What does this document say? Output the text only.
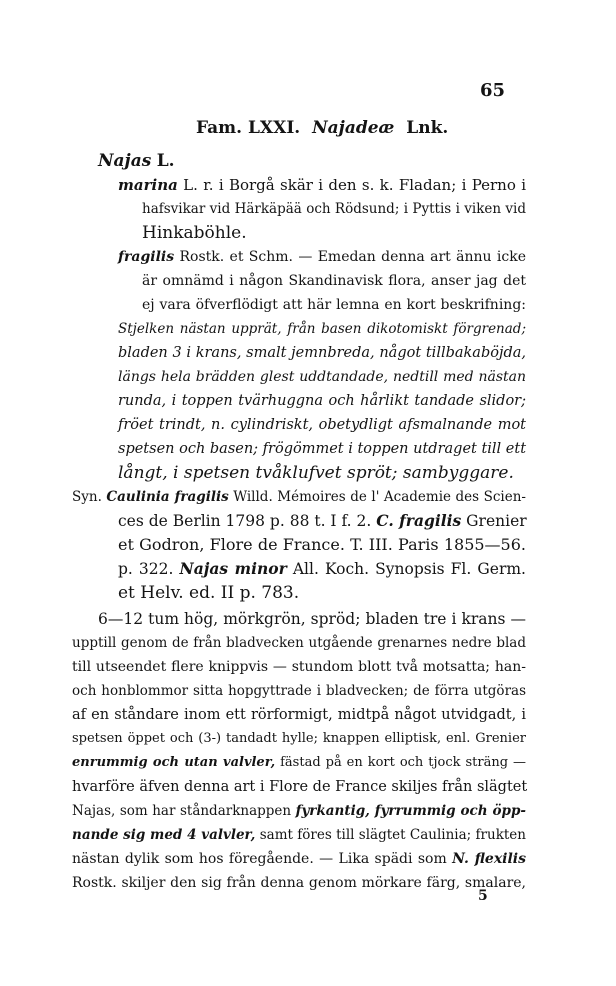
65
Fam. LXXI. Najadeæ Lnk.
Najas L.
marina L. r. i Borgå skär i den s. k. Fladan; i Perno i
hafsvikar vid Härkäpää och Rödsund; i Pyttis i viken vid
Hinkaböhle.
fragilis Rostk. et Schm. — Emedan denna art ännu icke
är omnämd i någon Skandinavisk flora, anser jag det
ej vara öfverflödigt att här lemna en kort beskrifning:
Stjelken nästan upprät, från basen dikotomiskt förgrenad;
bladen 3 i krans, smalt jemnbreda, något tillbakaböjda,
längs hela brädden glest uddtandade, nedtill med nästan
runda, i toppen tvärhuggna och hårlikt tandade slidor;
fröet trindt, n. cylindriskt, obetydligt afsmalnande mot
spetsen och basen; frögömmet i toppen utdraget till ett
långt, i spetsen tvåklufvet spröt; sambyggare.
Syn. Caulinia fragilis Willd. Mémoires de l' Academie des Scien-
ces de Berlin 1798 p. 88 t. I f. 2. C. fragilis Grenier
et Godron, Flore de France. T. III. Paris 1855—56.
p. 322. Najas minor All. Koch. Synopsis Fl. Germ.
et Helv. ed. II p. 783.
6—12 tum hög, mörkgrön, spröd; bladen tre i krans —
upptill genom de från bladvecken utgående grenarnes nedre blad
till utseendet flere knippvis — stundom blott två motsatta; han-
och honblommor sitta hopgyttrade i bladvecken; de förra utgöras
af en ståndare inom ett rörformigt, midtpå något utvidgadt, i
spetsen öppet och (3-) tandadt hylle; knappen elliptisk, enl. Grenier
enrummig och utan valvler, fästad på en kort och tjock sträng —
hvarföre äfven denna art i Flore de France skiljes från slägtet
Najas, som har ståndarknappen fyrkantig, fyrrummig och öpp-
nande sig med 4 valvler, samt föres till slägtet Caulinia; frukten
nästan dylik som hos föregående. — Lika spädi som N. flexilis
Rostk. skiljer den sig från denna genom mörkare färg, smalare,
5
